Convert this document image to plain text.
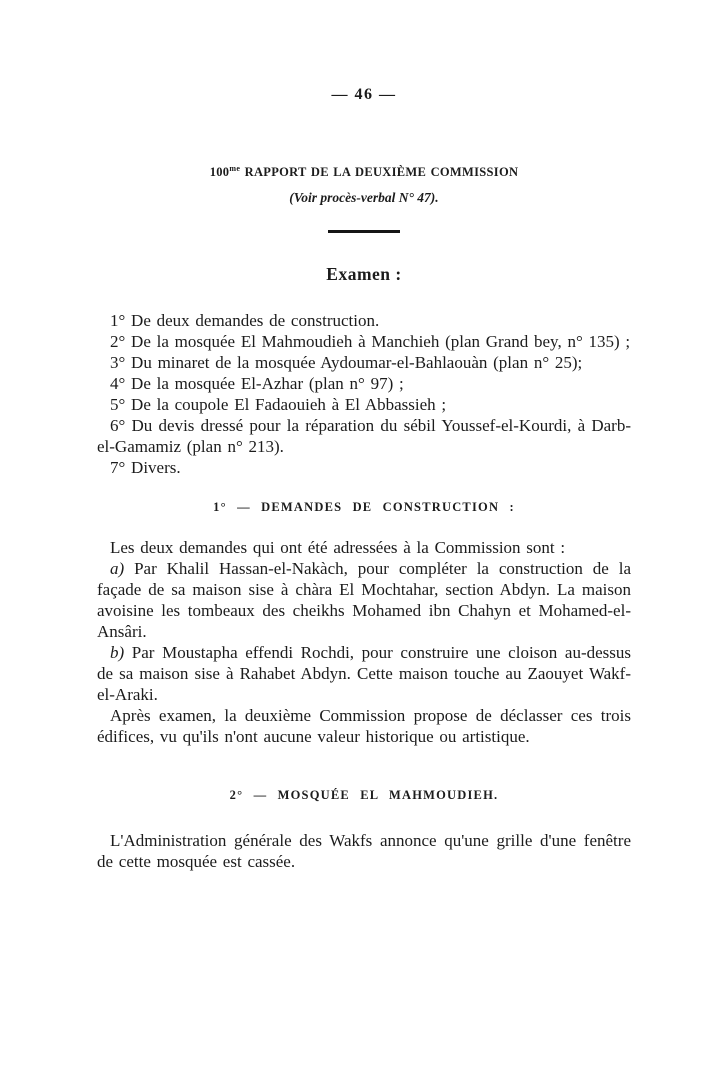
— 46 —
$100^{me}$ RAPPORT DE LA DEUXIÈME COMMISSION
(Voir procès-verbal N° 47).
Examen :

1° De deux demandes de construction.

2° De la mosquée El Mahmoudieh à Manchieh (plan Grand bey, n° 135) ;

3° Du minaret de la mosquée Aydoumar-el-Bahlaouàn (plan n° 25);

4° De la mosquée El-Azhar (plan n° 97) ;

5° De la coupole El Fadaouieh à El Abbassieh ;

6° Du devis dressé pour la réparation du sébil Youssef-el-Kourdi, à Darb-el-Gamamiz (plan n° 213).

7° Divers.

1° — DEMANDES DE CONSTRUCTION :

Les deux demandes qui ont été adressées à la Commission sont :

a) Par Khalil Hassan-el-Nakàch, pour compléter la construction de la façade de sa maison sise à chàra El Mochtahar, section Abdyn. La maison avoisine les tombeaux des cheikhs Mohamed ibn Chahyn et Mohamed-el-Ansâri.

b) Par Moustapha effendi Rochdi, pour construire une cloison au-dessus de sa maison sise à Rahabet Abdyn. Cette maison touche au Zaouyet Wakf-el-Araki.

Après examen, la deuxième Commission propose de déclasser ces trois édifices, vu qu'ils n'ont aucune valeur historique ou artistique.

2° — MOSQUÉE EL MAHMOUDIEH.

L'Administration générale des Wakfs annonce qu'une grille d'une fenêtre de cette mosquée est cassée.
